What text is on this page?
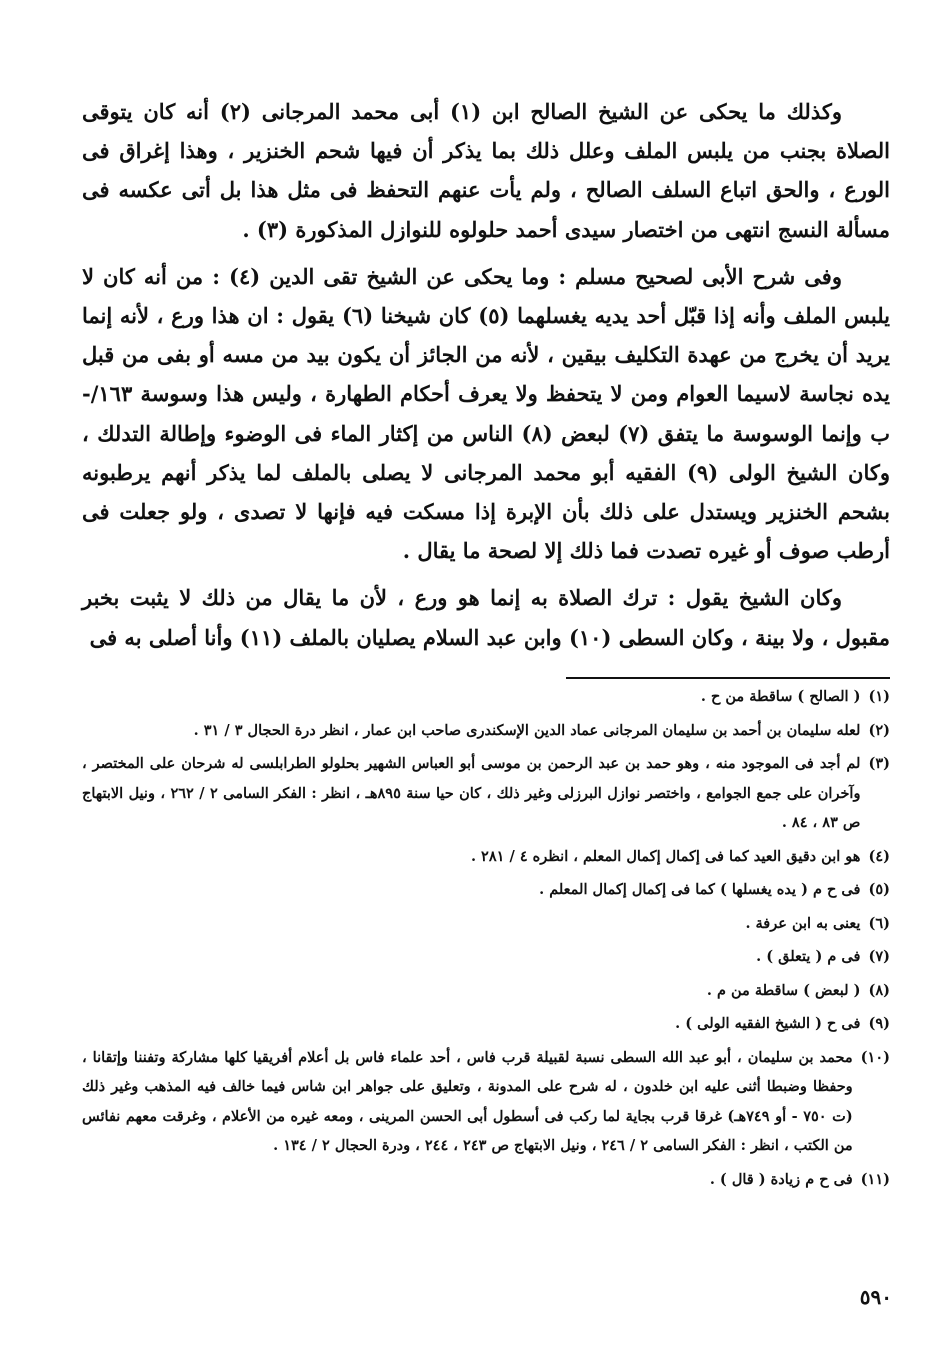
وكذلك ما يحكى عن الشيخ الصالح ابن (١) أبى محمد المرجانى (٢) أنه كان يتوقى الصلاة بجنب من يلبس الملف وعلل ذلك بما يذكر أن فيها شحم الخنزير ، وهذا إغراق فى الورع ، والحق اتباع السلف الصالح ، ولم يأت عنهم التحفظ فى مثل هذا بل أتى عكسه فى مسألة النسج انتهى من اختصار سيدى أحمد حلولوه للنوازل المذكورة (٣) .

وفى شرح الأبى لصحيح مسلم : وما يحكى عن الشيخ تقى الدين (٤) : من أنه كان لا يلبس الملف وأنه إذا قبّل أحد يديه يغسلهما (٥) كان شيخنا (٦) يقول : ان هذا ورع ، لأنه إنما يريد أن يخرج من عهدة التكليف بيقين ، لأنه من الجائز أن يكون بيد من مسه أو بفى من قبل يده نجاسة لاسيما العوام ومن لا يتحفظ ولا يعرف أحكام الطهارة ، وليس هذا وسوسة ١٦٣/-ب وإنما الوسوسة ما يتفق (٧) لبعض (٨) الناس من إكثار الماء فى الوضوء وإطالة التدلك ، وكان الشيخ الولى (٩) الفقيه أبو محمد المرجانى لا يصلى بالملف لما يذكر أنهم يرطبونه بشحم الخنزير ويستدل على ذلك بأن الإبرة إذا مسكت فيه فإنها لا تصدى ، ولو جعلت فى أرطب صوف أو غيره تصدت فما ذلك إلا لصحة ما يقال .

وكان الشيخ يقول : ترك الصلاة به إنما هو ورع ، لأن ما يقال من ذلك لا يثبت بخبر مقبول ، ولا بينة ، وكان السطى (١٠) وابن عبد السلام يصليان بالملف (١١) وأنا أصلى به فى

(١)
( الصالح ) ساقطة من ح .
(٢)
لعله سليمان بن أحمد بن سليمان المرجانى عماد الدين الإسكندرى صاحب ابن عمار ، انظر درة الحجال ٣ / ٣١ .
(٣)
لم أجد فى الموجود منه ، وهو حمد بن عبد الرحمن بن موسى أبو العباس الشهير بحلولو الطرابلسى له شرحان على المختصر ، وآخران على جمع الجوامع ، واختصر نوازل البرزلى وغير ذلك ، كان حيا سنة ٨٩٥هـ ، انظر : الفكر السامى ٢ / ٢٦٢ ، ونيل الابتهاج ص ٨٣ ، ٨٤ .
(٤)
هو ابن دقيق العيد كما فى إكمال إكمال المعلم ، انظره ٤ / ٢٨١ .
(٥)
فى ح م ( يده يغسلها ) كما فى إكمال إكمال المعلم .
(٦)
يعنى به ابن عرفة .
(٧)
فى م ( يتعلق ) .
(٨)
( لبعض ) ساقطة من م .
(٩)
فى ح ( الشيخ الفقيه الولى ) .
(١٠)
محمد بن سليمان ، أبو عبد الله السطى نسبة لقبيلة قرب فاس ، أحد علماء فاس بل أعلام أفريقيا كلها مشاركة وتفننا وإتقانا ، وحفظا وضبطا أثنى عليه ابن خلدون ، له شرح على المدونة ، وتعليق على جواهر ابن شاس فيما خالف فيه المذهب وغير ذلك (ت ٧٥٠ - أو ٧٤٩هـ) غرقا قرب بجاية لما ركب فى أسطول أبى الحسن المرينى ، ومعه غيره من الأعلام ، وغرقت معهم نفائس من الكتب ، انظر : الفكر السامى ٢ / ٢٤٦ ، ونيل الابتهاج ص ٢٤٣ ، ٢٤٤ ، ودرة الحجال ٢ / ١٣٤ .
(١١)
فى ح م زيادة ( قال ) .
٥٩٠
